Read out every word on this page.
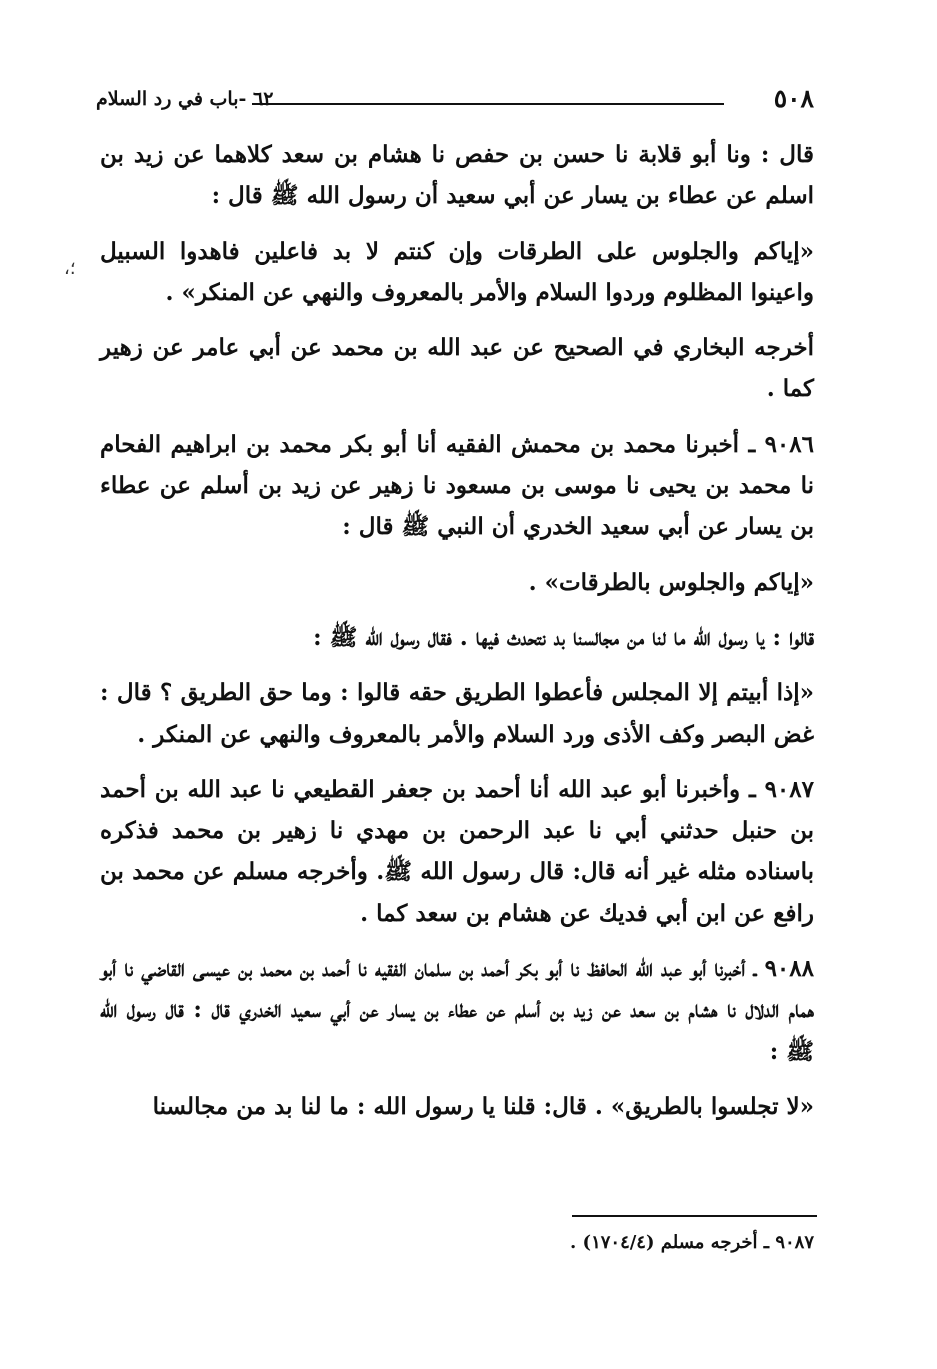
٥٠٨
٦٢ -باب في رد السلام
،؛

قال : ونا أبو قلابة نا حسن بن حفص نا هشام بن سعد كلاهما عن زيد بن اسلم عن عطاء بن يسار عن أبي سعيد أن رسول الله ﷺ قال :

«إياكم والجلوس على الطرقات وإن كنتم لا بد فاعلين فاهدوا السبيل واعينوا المظلوم وردوا السلام والأمر بالمعروف والنهي عن المنكر» .

أخرجه البخاري في الصحيح عن عبد الله بن محمد عن أبي عامر عن زهير كما .

٩٠٨٦ ـ أخبرنا محمد بن محمش الفقيه أنا أبو بكر محمد بن ابراهيم الفحام نا محمد بن يحيى نا موسى بن مسعود نا زهير عن زيد بن أسلم عن عطاء بن يسار عن أبي سعيد الخدري أن النبي ﷺ قال :

«إياكم والجلوس بالطرقات» .

قالوا : يا رسول الله ما لنا من مجالسنا بد نتحدث فيها . فقال رسول الله ﷺ :

«إذا أبيتم إلا المجلس فأعطوا الطريق حقه قالوا : وما حق الطريق ؟ قال : غض البصر وكف الأذى ورد السلام والأمر بالمعروف والنهي عن المنكر .

٩٠٨٧ ـ وأخبرنا أبو عبد الله أنا أحمد بن جعفر القطيعي نا عبد الله بن أحمد بن حنبل حدثني أبي نا عبد الرحمن بن مهدي نا زهير بن محمد فذكره باسناده مثله غير أنه قال: قال رسول الله ﷺ. وأخرجه مسلم عن محمد بن رافع عن ابن أبي فديك عن هشام بن سعد كما .

٩٠٨٨ ـ أخبرنا أبو عبد الله الحافظ نا أبو بكر أحمد بن سلمان الفقيه نا أحمد بن محمد بن عيسى القاضي نا أبو همام الدلال نا هشام بن سعد عن زيد بن أسلم عن عطاء بن يسار عن أبي سعيد الخدري قال : قال رسول الله ﷺ :

«لا تجلسوا بالطريق» . قال: قلنا يا رسول الله : ما لنا بد من مجالسنا

٩٠٨٧ ـ أخرجه مسلم (١٧٠٤/٤) .
